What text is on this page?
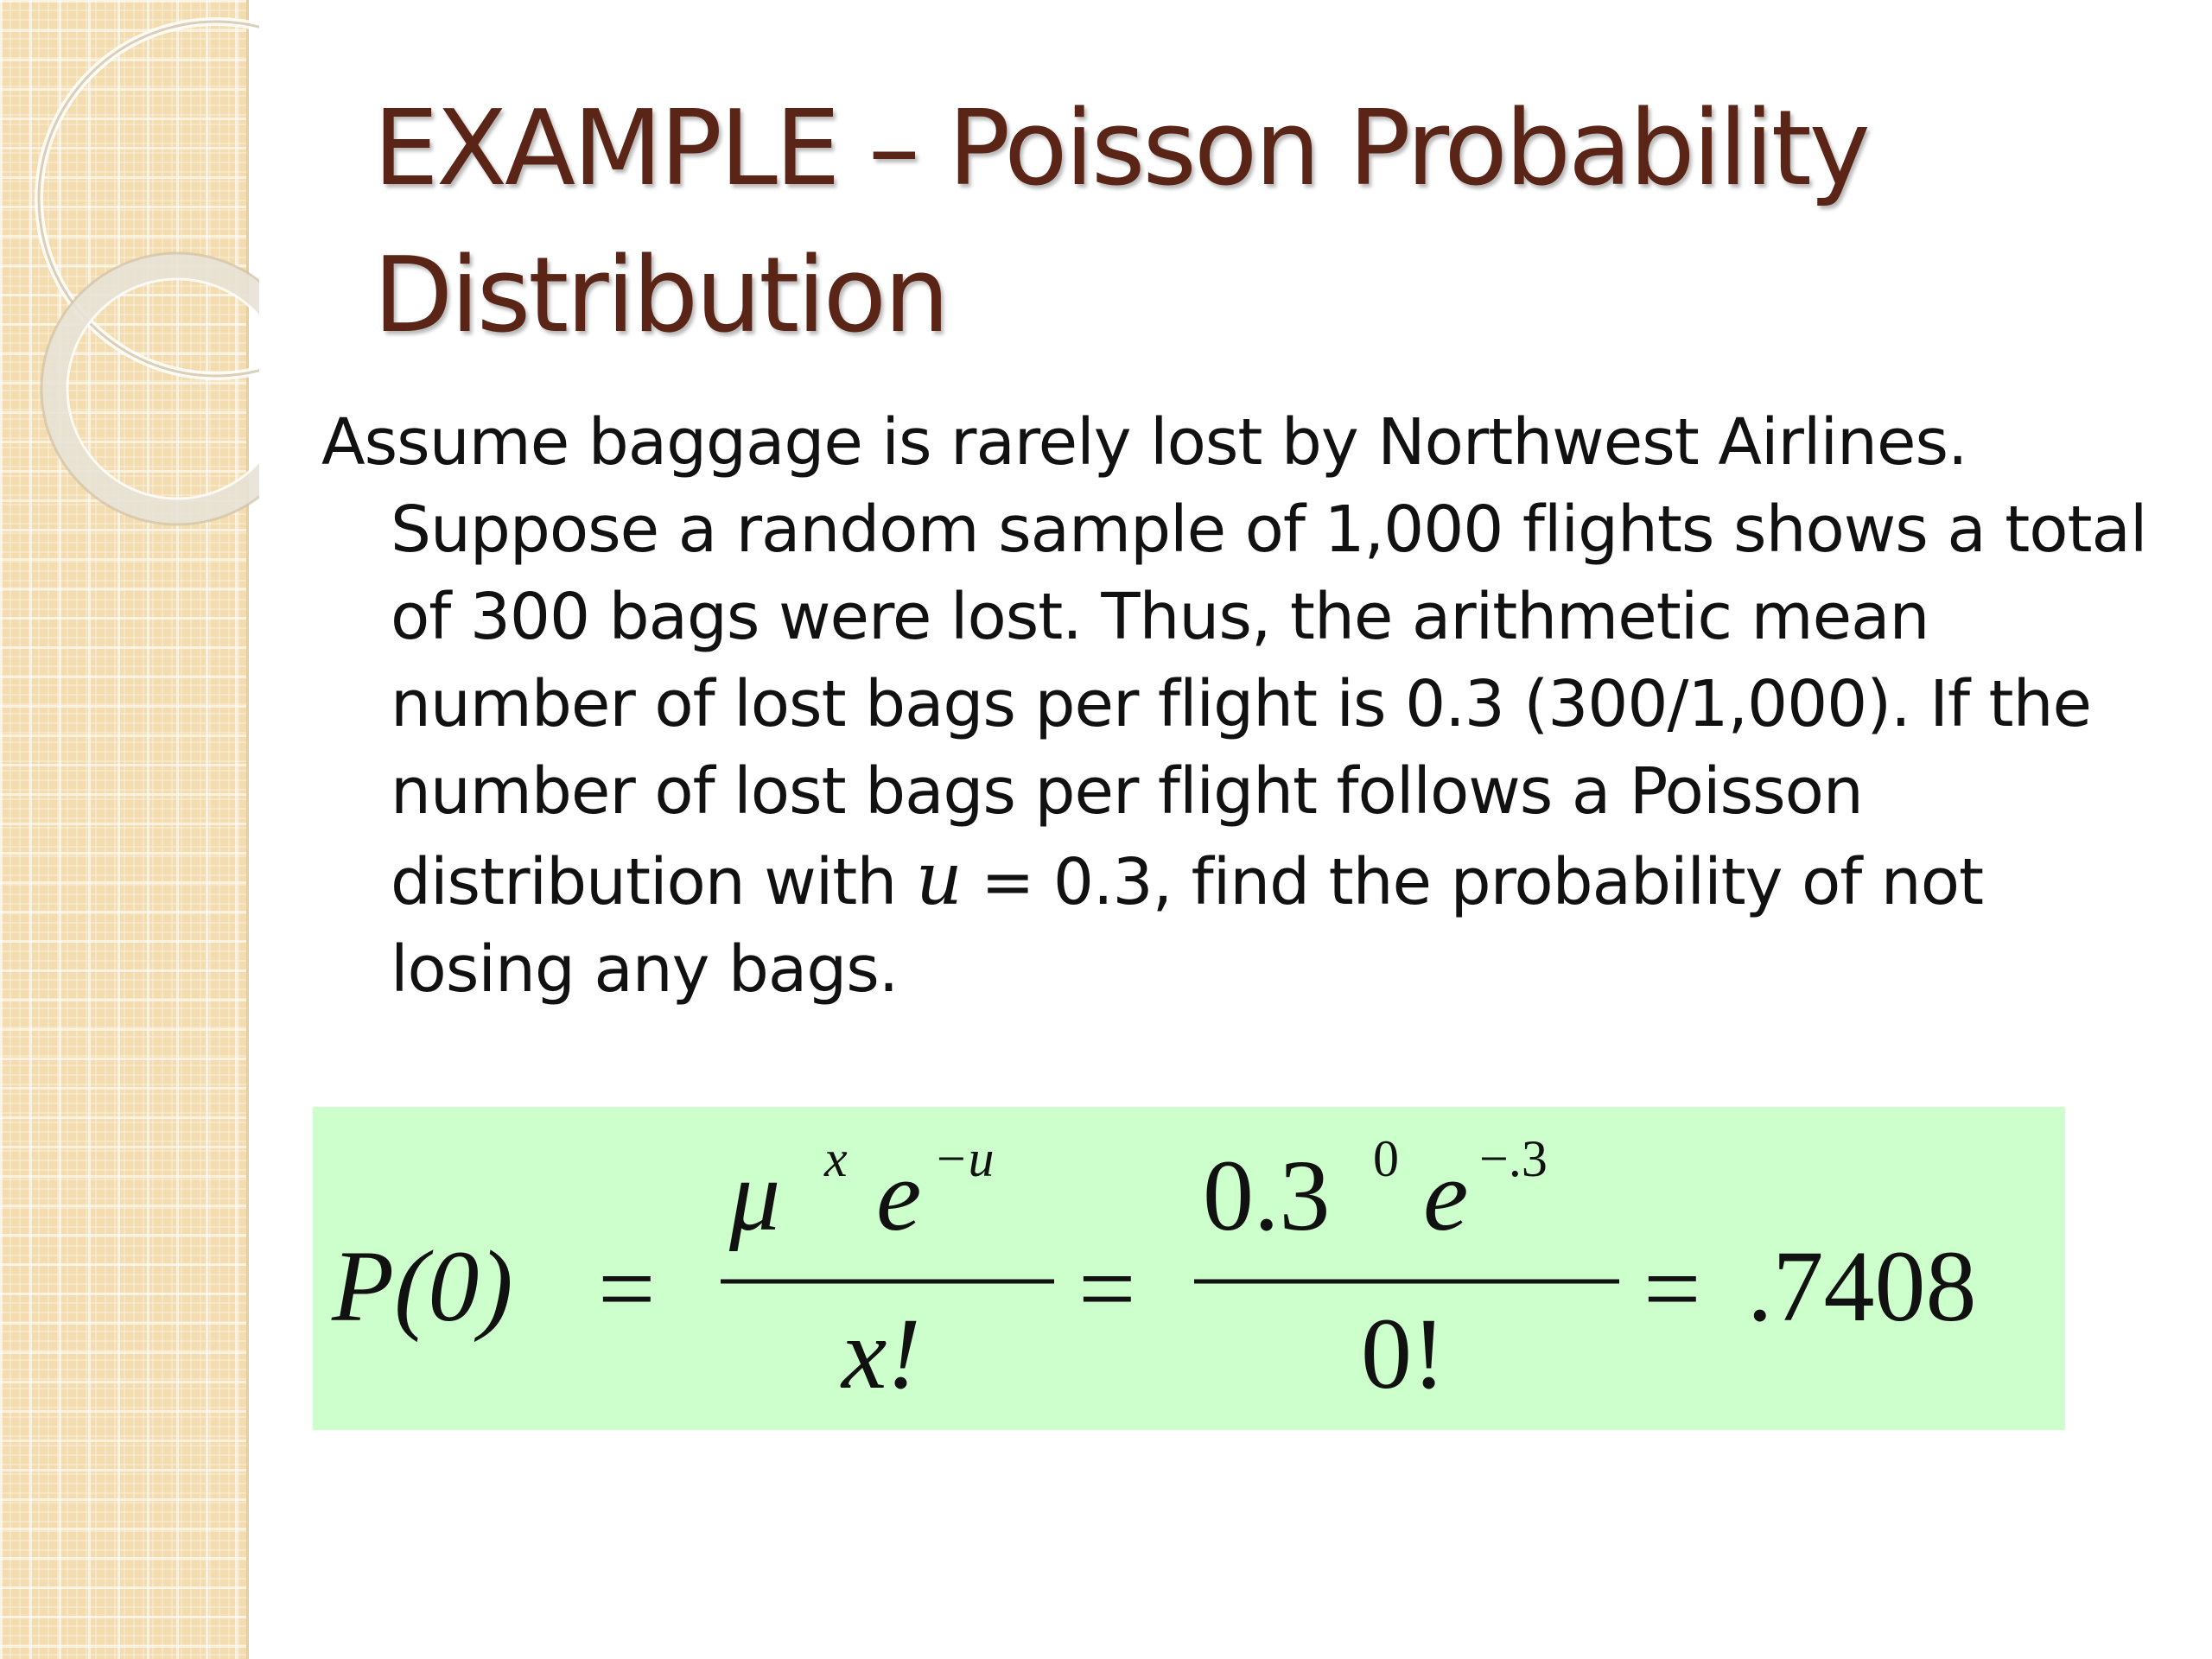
EXAMPLE – Poisson Probability
Distribution
Assume baggage is rarely lost by Northwest Airlines. Suppose a random sample of 1,000 flights shows a total of 300 bags were lost. Thus, the arithmetic mean number of lost bags per flight is 0.3 (300/1,000). If the number of lost bags per flight follows a Poisson distribution with u = 0.3, find the probability of not losing any bags.
P(0) =
μ x e −u
x!
=
0.3 0 e −.3
0!
= .7408
